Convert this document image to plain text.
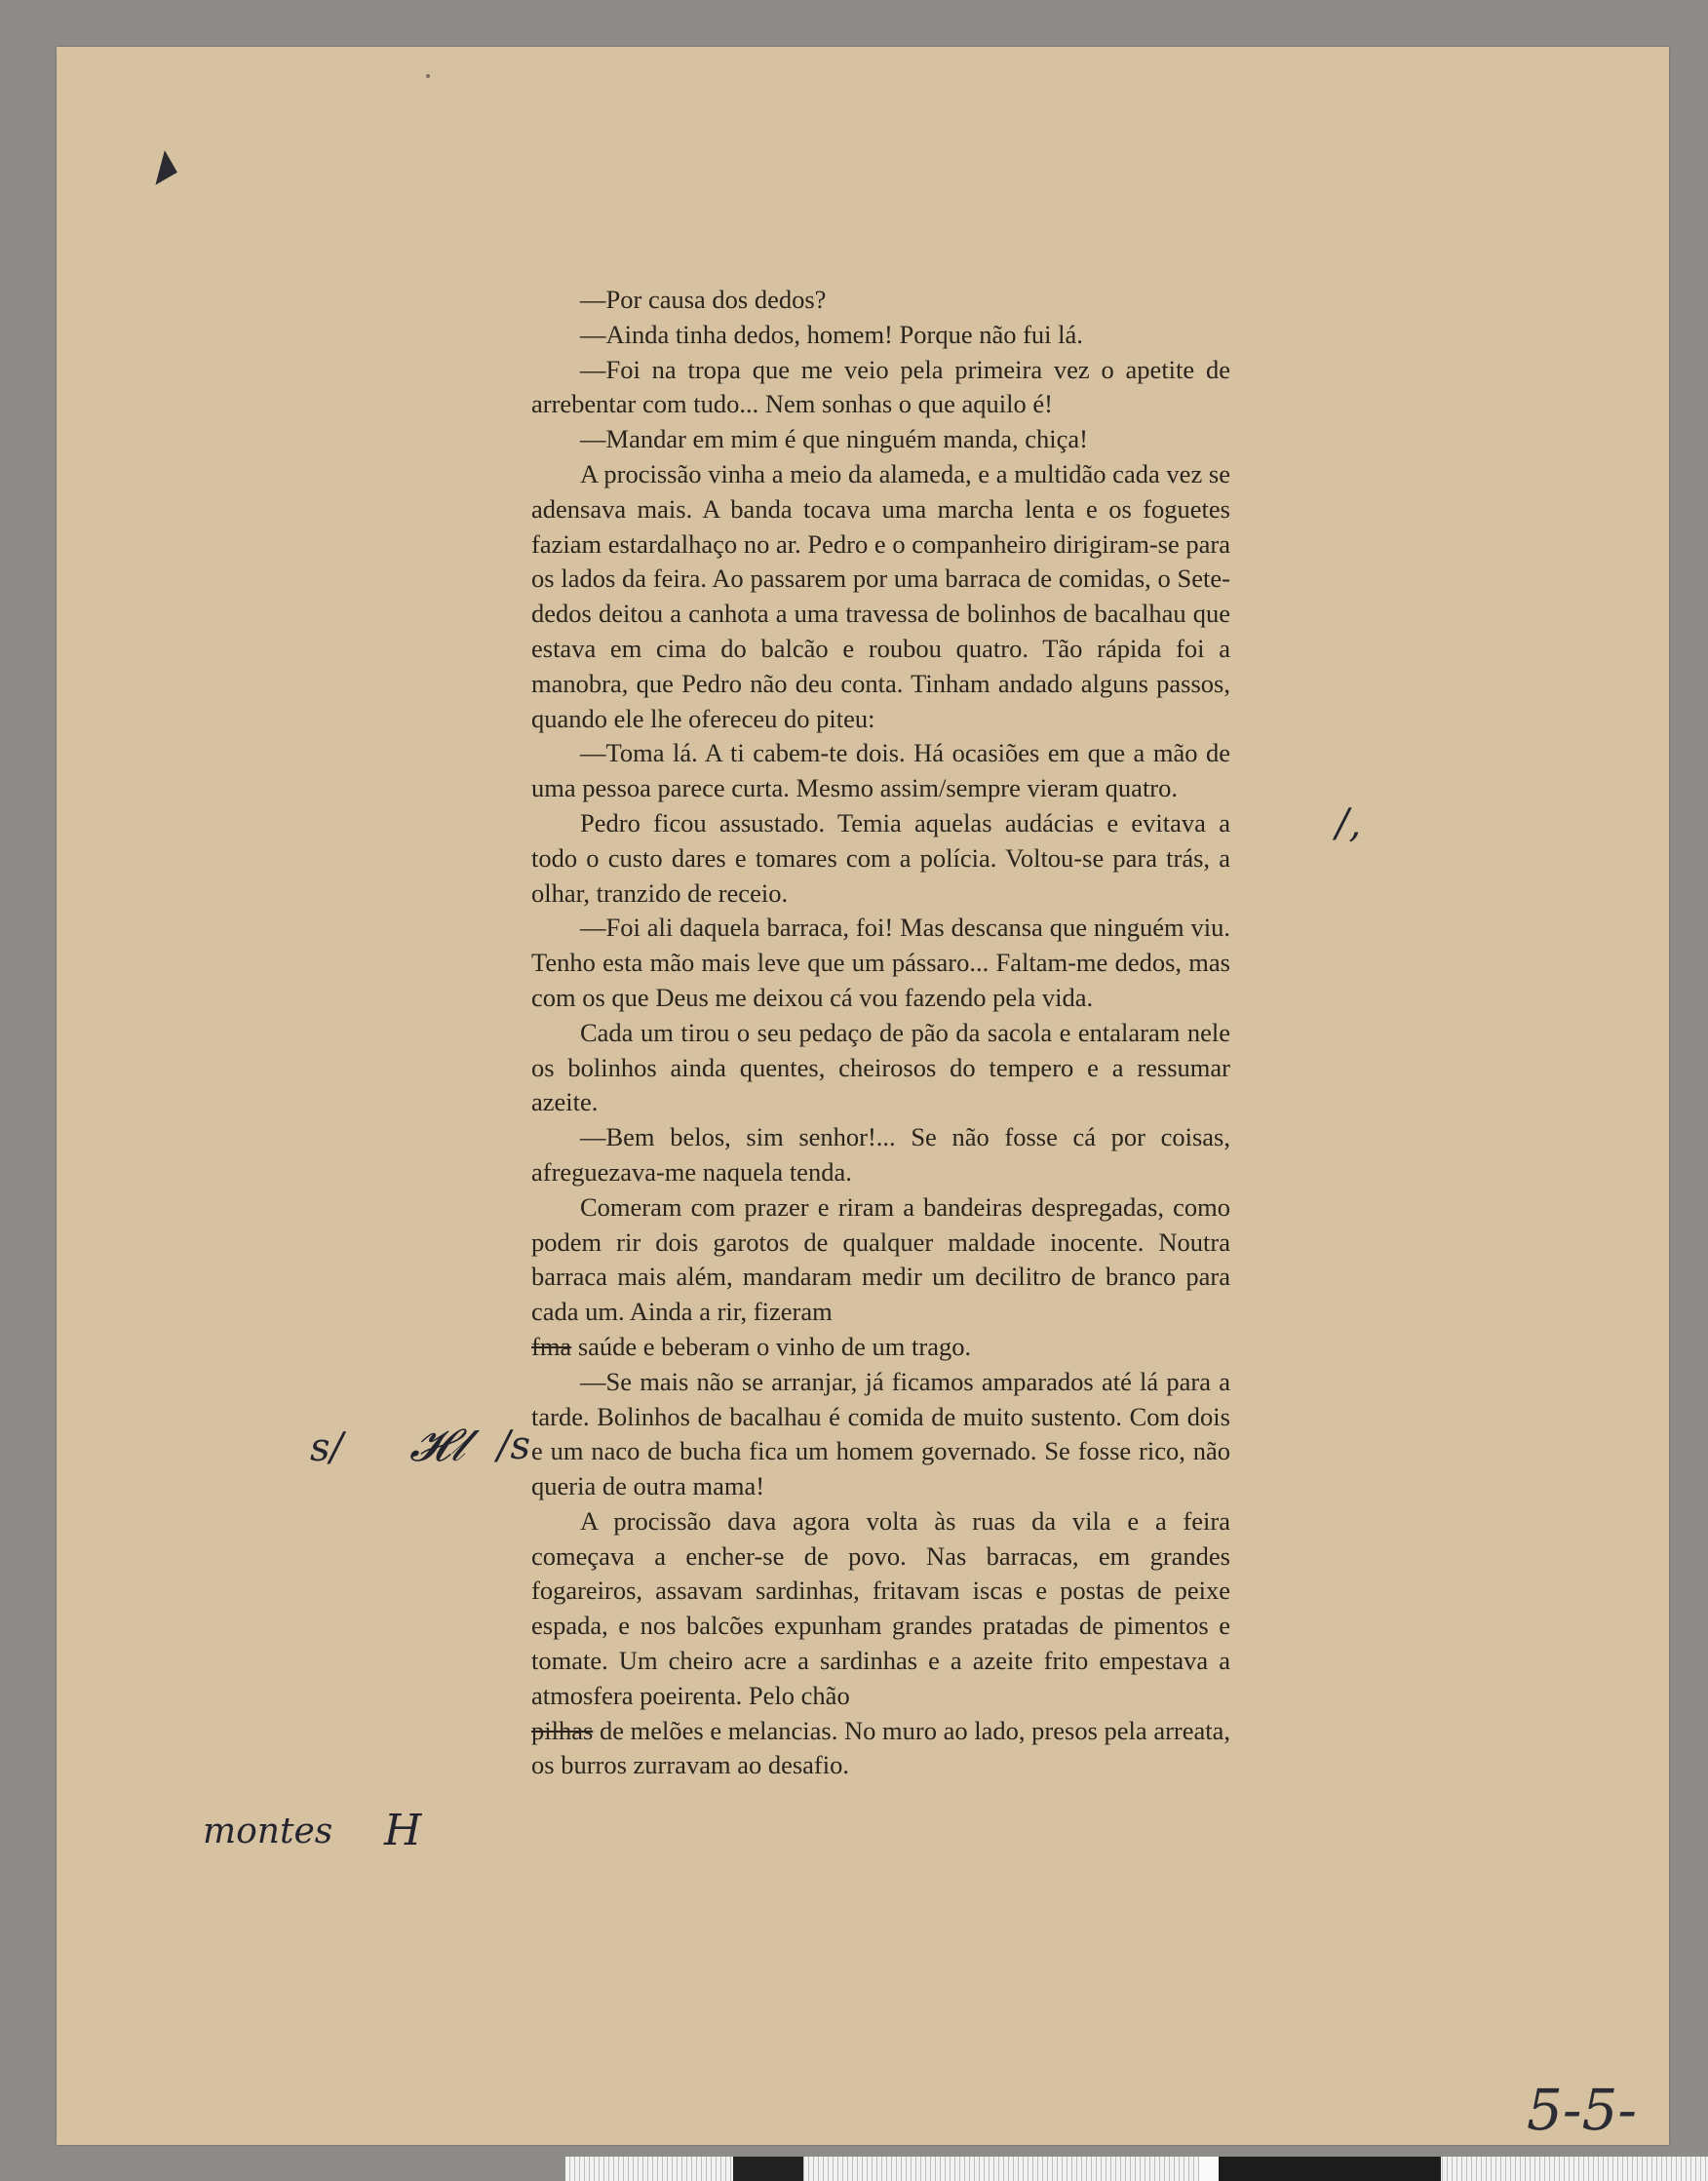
◢

—Por causa dos dedos?

—Ainda tinha dedos, homem! Porque não fui lá.

—Foi na tropa que me veio pela primeira vez o apetite de arrebentar com tudo... Nem sonhas o que aquilo é!

—Mandar em mim é que ninguém manda, chiça!

A procissão vinha a meio da alameda, e a multidão cada vez se adensava mais. A banda tocava uma marcha lenta e os foguetes faziam estardalhaço no ar. Pedro e o companheiro dirigiram-se para os lados da feira. Ao passarem por uma barraca de comidas, o Sete-dedos deitou a canhota a uma travessa de bolinhos de bacalhau que estava em cima do balcão e roubou quatro. Tão rápida foi a manobra, que Pedro não deu conta. Tinham andado alguns passos, quando ele lhe ofereceu do piteu:

—Toma lá. A ti cabem-te dois. Há ocasiões em que a mão de uma pessoa parece curta. Mesmo assim/sempre vieram quatro.

Pedro ficou assustado. Temia aquelas audácias e evitava a todo o custo dares e tomares com a polícia. Voltou-se para trás, a olhar, tranzido de receio.

—Foi ali daquela barraca, foi! Mas descansa que ninguém viu. Tenho esta mão mais leve que um pássaro... Faltam-me dedos, mas com os que Deus me deixou cá vou fazendo pela vida.

Cada um tirou o seu pedaço de pão da sacola e entalaram nele os bolinhos ainda quentes, cheirosos do tempero e a ressumar azeite.

—Bem belos, sim senhor!... Se não fosse cá por coisas, afreguezava-me naquela tenda.

Comeram com prazer e riram a bandeiras despregadas, como podem rir dois garotos de qualquer maldade inocente. Noutra barraca mais além, mandaram medir um decilitro de branco para cada um. Ainda a rir, fizeram

fma saúde e beberam o vinho de um trago.

—Se mais não se arranjar, já ficamos amparados até lá para a tarde. Bolinhos de bacalhau é comida de muito sustento. Com dois e um naco de bucha fica um homem governado. Se fosse rico, não queria de outra mama!

A procissão dava agora volta às ruas da vila e a feira começava a encher-se de povo. Nas barracas, em grandes fogareiros, assavam sardinhas, fritavam iscas e postas de peixe espada, e nos balcões expunham grandes pratadas de pimentos e tomate. Um cheiro acre a sardinhas e a azeite frito empestava a atmosfera poeirenta. Pelo chão

pilhas de melões e melancias. No muro ao lado, presos pela arreata, os burros zurravam ao desafio.

/,
s/ 𝓗𝓁 /s
montes H
5-5-
